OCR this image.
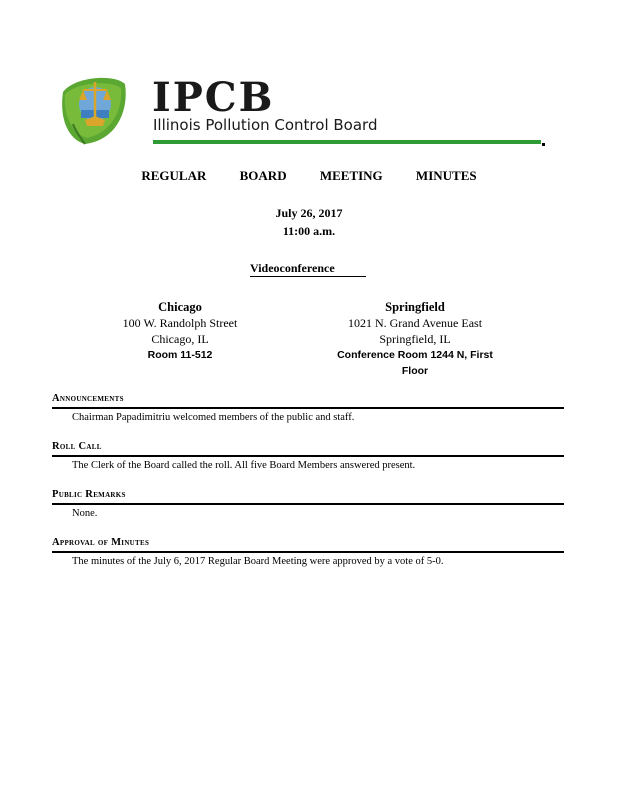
IPCB
Illinois Pollution Control Board
REGULAR BOARD MEETING MINUTES
July 26, 2017
11:00 a.m.
Videoconference
Chicago
100 W. Randolph Street
Chicago, IL
Room 11-512
Springfield
1021 N. Grand Avenue East
Springfield, IL
Conference Room 1244 N, First
Floor
Announcements
Chairman Papadimitriu welcomed members of the public and staff.
Roll Call
The Clerk of the Board called the roll. All five Board Members answered present.
Public Remarks
None.
Approval of Minutes
The minutes of the July 6, 2017 Regular Board Meeting were approved by a vote of 5-0.
